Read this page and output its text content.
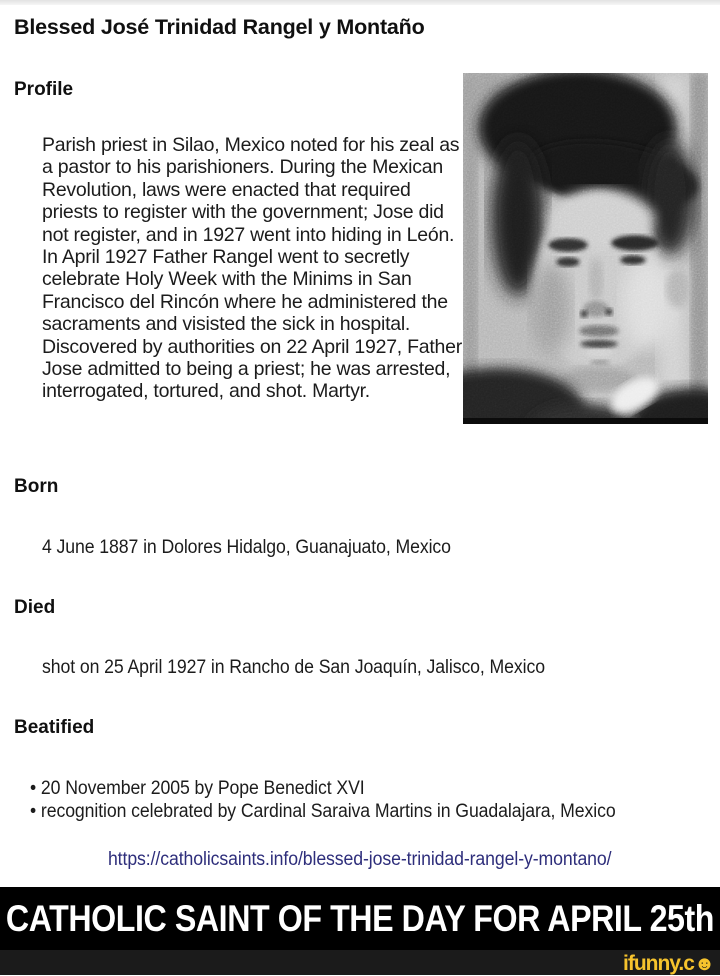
Blessed José Trinidad Rangel y Montaño
Profile

Parish priest in Silao, Mexico noted for his zeal as a pastor to his parishioners. During the Mexican Revolution, laws were enacted that required priests to register with the government; Jose did not register, and in 1927 went into hiding in León. In April 1927 Father Rangel went to secretly celebrate Holy Week with the Minims in San Francisco del Rincón where he administered the sacraments and visisted the sick in hospital. Discovered by authorities on 22 April 1927, Father Jose admitted to being a priest; he was arrested, interrogated, tortured, and shot. Martyr.

Born
4 June 1887 in Dolores Hidalgo, Guanajuato, Mexico
Died
shot on 25 April 1927 in Rancho de San Joaquín, Jalisco, Mexico
Beatified
• 20 November 2005 by Pope Benedict XVI
• recognition celebrated by Cardinal Saraiva Martins in Guadalajara, Mexico
https://catholicsaints.info/blessed-jose-trinidad-rangel-y-montano/
CATHOLIC SAINT OF THE DAY FOR APRIL 25th
ifunny.c☻
